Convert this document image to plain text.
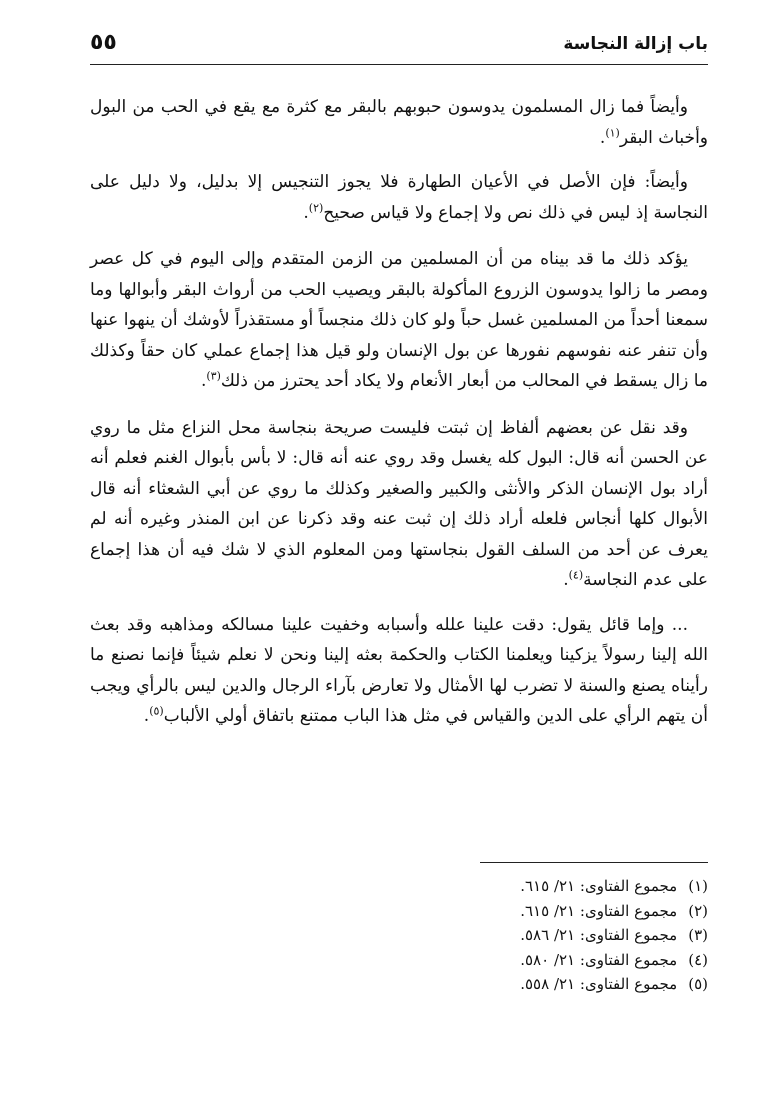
باب إزالة النجاسة
٥٥

وأيضاً فما زال المسلمون يدوسون حبوبهم بالبقر مع كثرة مع يقع في الحب من البول وأخباث البقر$^{(١)}$.

وأيضاً: فإن الأصل في الأعيان الطهارة فلا يجوز التنجيس إلا بدليل، ولا دليل على النجاسة إذ ليس في ذلك نص ولا إجماع ولا قياس صحيح$^{(٢)}$.

يؤكد ذلك ما قد بيناه من أن المسلمين من الزمن المتقدم وإلى اليوم في كل عصر ومصر ما زالوا يدوسون الزروع المأكولة بالبقر ويصيب الحب من أرواث البقر وأبوالها وما سمعنا أحداً من المسلمين غسل حباً ولو كان ذلك منجساً أو مستقذراً لأوشك أن ينهوا عنها وأن تنفر عنه نفوسهم نفورها عن بول الإنسان ولو قيل هذا إجماع عملي كان حقاً وكذلك ما زال يسقط في المحالب من أبعار الأنعام ولا يكاد أحد يحترز من ذلك$^{(٣)}$.

وقد نقل عن بعضهم ألفاظ إن ثبتت فليست صريحة بنجاسة محل النزاع مثل ما روي عن الحسن أنه قال: البول كله يغسل وقد روي عنه أنه قال: لا بأس بأبوال الغنم فعلم أنه أراد بول الإنسان الذكر والأنثى والكبير والصغير وكذلك ما روي عن أبي الشعثاء أنه قال الأبوال كلها أنجاس فلعله أراد ذلك إن ثبت عنه وقد ذكرنا عن ابن المنذر وغيره أنه لم يعرف عن أحد من السلف القول بنجاستها ومن المعلوم الذي لا شك فيه أن هذا إجماع على عدم النجاسة$^{(٤)}$.

... وإما قائل يقول: دقت علينا علله وأسبابه وخفيت علينا مسالكه ومذاهبه وقد بعث الله إلينا رسولاً يزكينا ويعلمنا الكتاب والحكمة بعثه إلينا ونحن لا نعلم شيئاً فإنما نصنع ما رأيناه يصنع والسنة لا تضرب لها الأمثال ولا تعارض بآراء الرجال والدين ليس بالرأي ويجب أن يتهم الرأي على الدين والقياس في مثل هذا الباب ممتنع باتفاق أولي الألباب$^{(٥)}$.

(١) مجموع الفتاوى: ٢١/ ٦١٥.
(٢) مجموع الفتاوى: ٢١/ ٦١٥.
(٣) مجموع الفتاوى: ٢١/ ٥٨٦.
(٤) مجموع الفتاوى: ٢١/ ٥٨٠.
(٥) مجموع الفتاوى: ٢١/ ٥٥٨.
